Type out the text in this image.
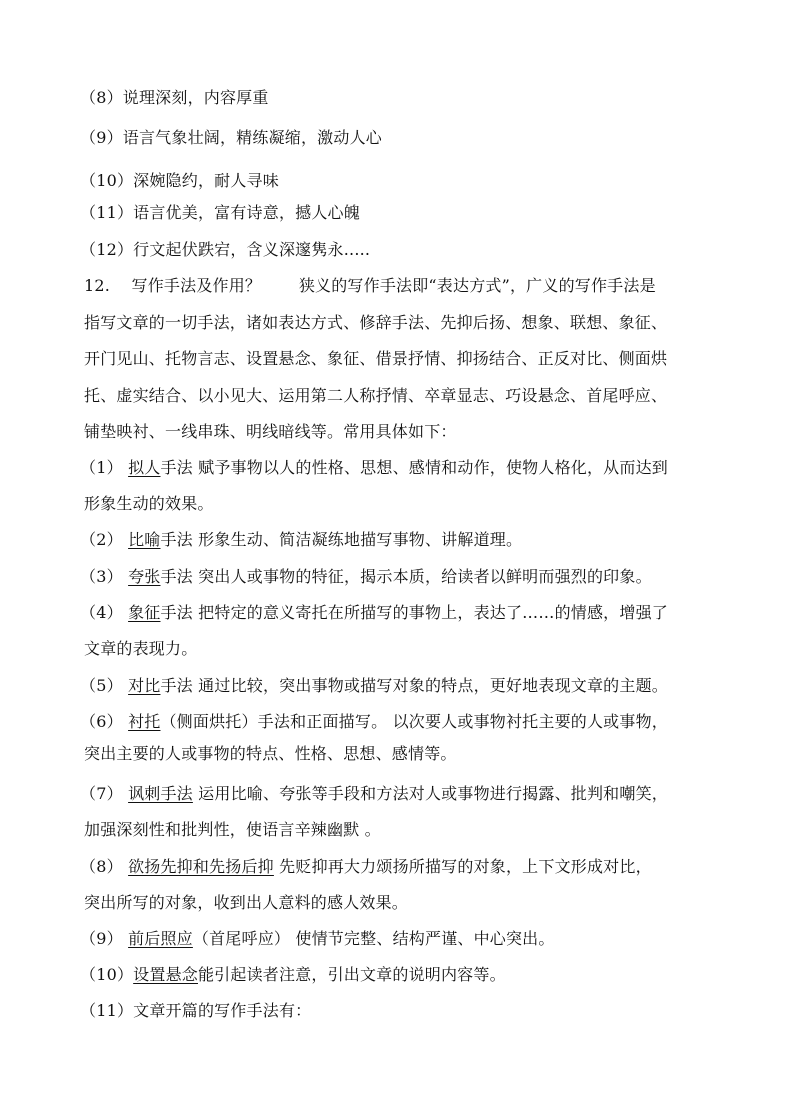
（8）说理深刻，内容厚重
（9）语言气象壮阔，精练凝缩，激动人心
（10）深婉隐约，耐人寻味
（11）语言优美，富有诗意，撼人心魄
（12）行文起伏跌宕，含义深邃隽永.....
12.　 写作手法及作用？ 　　狭义的写作手法即“表达方式”，广义的写作手法是
指写文章的一切手法，诸如表达方式、修辞手法、先抑后扬、想象、联想、象征、
开门见山、托物言志、设置悬念、象征、借景抒情、抑扬结合、正反对比、侧面烘
托、虚实结合、以小见大、运用第二人称抒情、卒章显志、巧设悬念、首尾呼应、
铺垫映衬、一线串珠、明线暗线等。常用具体如下：
（1） 拟人手法 赋予事物以人的性格、思想、感情和动作，使物人格化，从而达到
形象生动的效果。
（2） 比喻手法 形象生动、简洁凝练地描写事物、讲解道理。
（3） 夸张手法 突出人或事物的特征，揭示本质，给读者以鲜明而强烈的印象。
（4） 象征手法 把特定的意义寄托在所描写的事物上，表达了……的情感，增强了
文章的表现力。
（5） 对比手法 通过比较，突出事物或描写对象的特点，更好地表现文章的主题。
（6） 衬托（侧面烘托）手法和正面描写。 以次要人或事物衬托主要的人或事物，
突出主要的人或事物的特点、性格、思想、感情等。
（7） 讽刺手法 运用比喻、夸张等手段和方法对人或事物进行揭露、批判和嘲笑，
加强深刻性和批判性，使语言辛辣幽默 。
（8） 欲扬先抑和先扬后抑 先贬抑再大力颂扬所描写的对象，上下文形成对比，
突出所写的对象，收到出人意料的感人效果。
（9） 前后照应（首尾呼应） 使情节完整、结构严谨、中心突出。
（10）设置悬念能引起读者注意，引出文章的说明内容等。
（11）文章开篇的写作手法有：
